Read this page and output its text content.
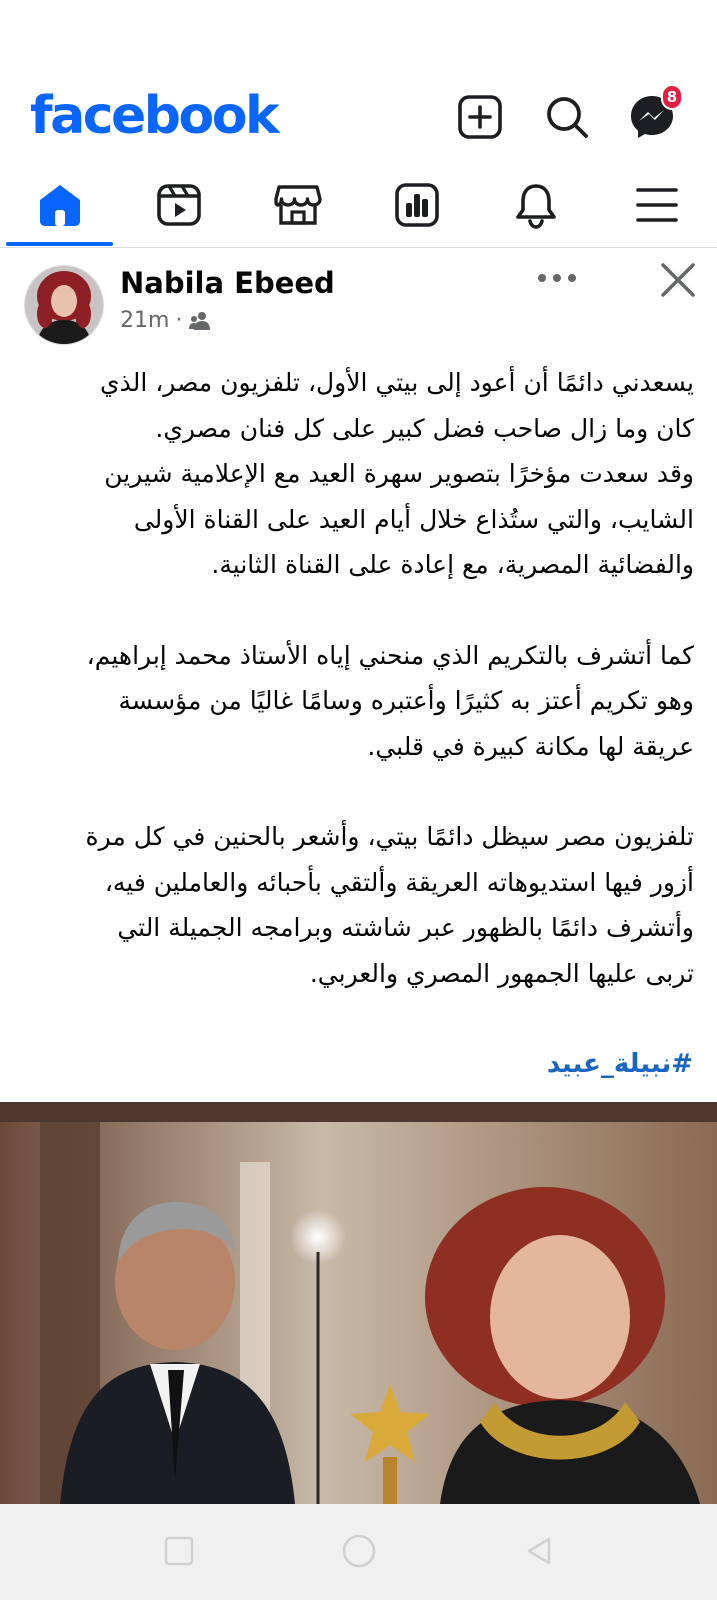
facebook	8
Nabila Ebeed
21m ·

يسعدني دائمًا أن أعود إلى بيتي الأول، تلفزيون مصر، الذي
كان وما زال صاحب فضل كبير على كل فنان مصري.
وقد سعدت مؤخرًا بتصوير سهرة العيد مع الإعلامية شيرين
الشايب، والتي ستُذاع خلال أيام العيد على القناة الأولى
والفضائية المصرية، مع إعادة على القناة الثانية.

كما أتشرف بالتكريم الذي منحني إياه الأستاذ محمد إبراهيم،
وهو تكريم أعتز به كثيرًا وأعتبره وسامًا غاليًا من مؤسسة
عريقة لها مكانة كبيرة في قلبي.

تلفزيون مصر سيظل دائمًا بيتي، وأشعر بالحنين في كل مرة
أزور فيها استديوهاته العريقة وألتقي بأحبائه والعاملين فيه،
وأتشرف دائمًا بالظهور عبر شاشته وبرامجه الجميلة التي
تربى عليها الجمهور المصري والعربي.

#نبيلة_عبيد
